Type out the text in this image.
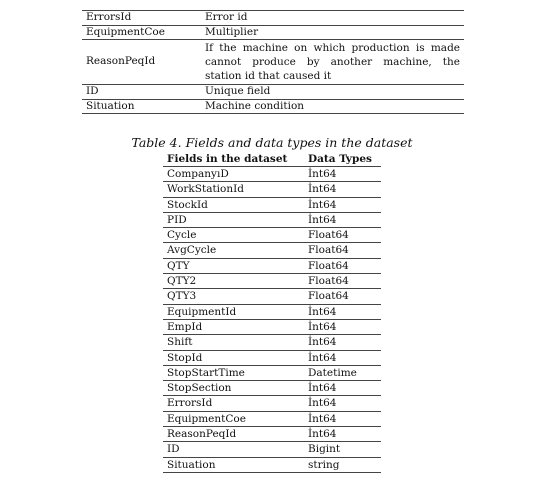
ErrorsId	Error id
EquipmentCoe	Multiplier
ReasonPeqId	If the machine on which production is made cannot produce by another machine, the station id that caused it
ID	Unique field
Situation	Machine condition
Table 4. Fields and data types in the dataset
Fields in the dataset	Data Types
CompanyıD	İnt64
WorkStationId	İnt64
StockId	İnt64
PID	İnt64
Cycle	Float64
AvgCycle	Float64
QTY	Float64
QTY2	Float64
QTY3	Float64
EquipmentId	İnt64
EmpId	İnt64
Shift	İnt64
StopId	İnt64
StopStartTime	Datetime
StopSection	İnt64
ErrorsId	İnt64
EquipmentCoe	İnt64
ReasonPeqId	İnt64
ID	Bigint
Situation	string
